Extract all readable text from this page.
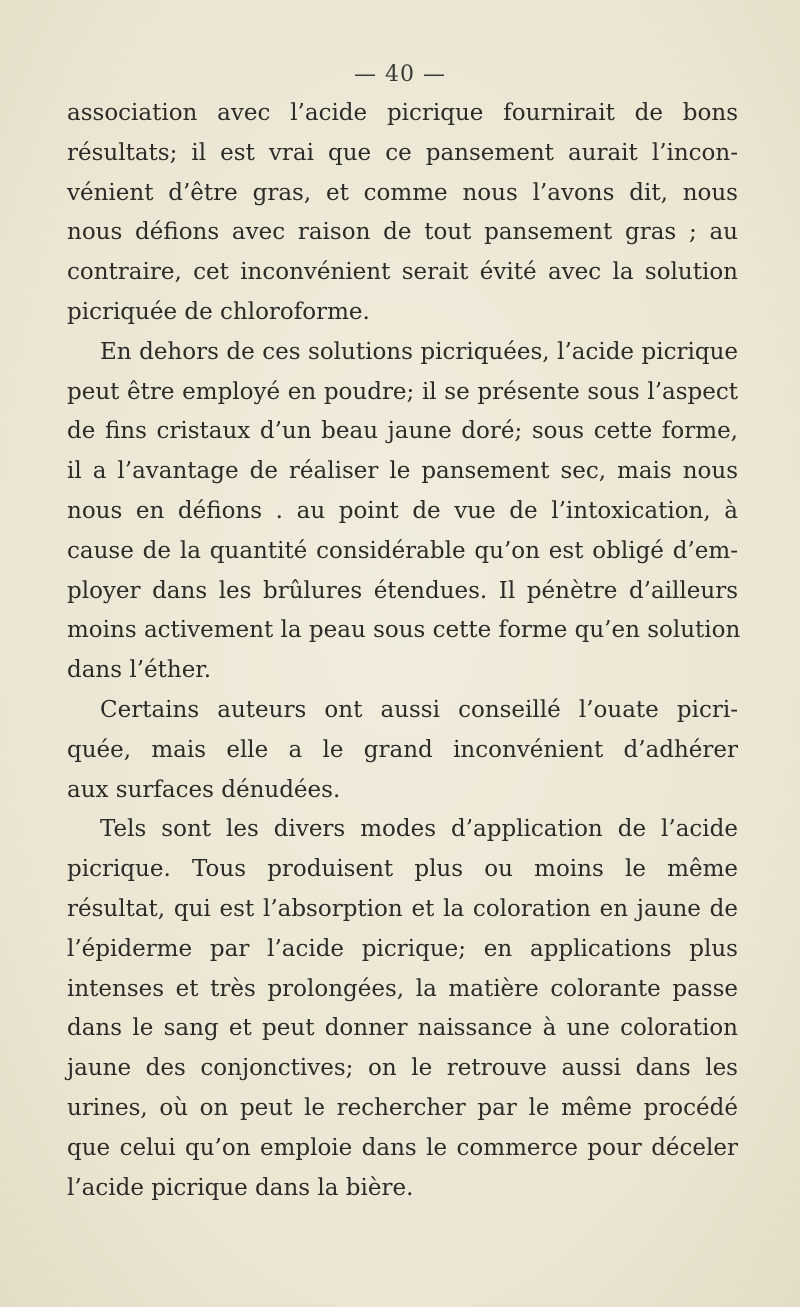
— 40 —
association avec l’acide picrique fournirait de bons
résultats; il est vrai que ce pansement aurait l’incon-
vénient d’être gras, et comme nous l’avons dit, nous
nous défions avec raison de tout pansement gras ; au
contraire, cet inconvénient serait évité avec la solution
picriquée de chloroforme.
En dehors de ces solutions picriquées, l’acide picrique
peut être employé en poudre; il se présente sous l’aspect
de fins cristaux d’un beau jaune doré; sous cette forme,
il a l’avantage de réaliser le pansement sec, mais nous
nous en défions . au point de vue de l’intoxication, à
cause de la quantité considérable qu’on est obligé d’em-
ployer dans les brûlures étendues. Il pénètre d’ailleurs
moins activement la peau sous cette forme qu’en solution
dans l’éther.
Certains auteurs ont aussi conseillé l’ouate picri-
quée, mais elle a le grand inconvénient d’adhérer
aux surfaces dénudées.
Tels sont les divers modes d’application de l’acide
picrique. Tous produisent plus ou moins le même
résultat, qui est l’absorption et la coloration en jaune de
l’épiderme par l’acide picrique; en applications plus
intenses et très prolongées, la matière colorante passe
dans le sang et peut donner naissance à une coloration
jaune des conjonctives; on le retrouve aussi dans les
urines, où on peut le rechercher par le même procédé
que celui qu’on emploie dans le commerce pour déceler
l’acide picrique dans la bière.
